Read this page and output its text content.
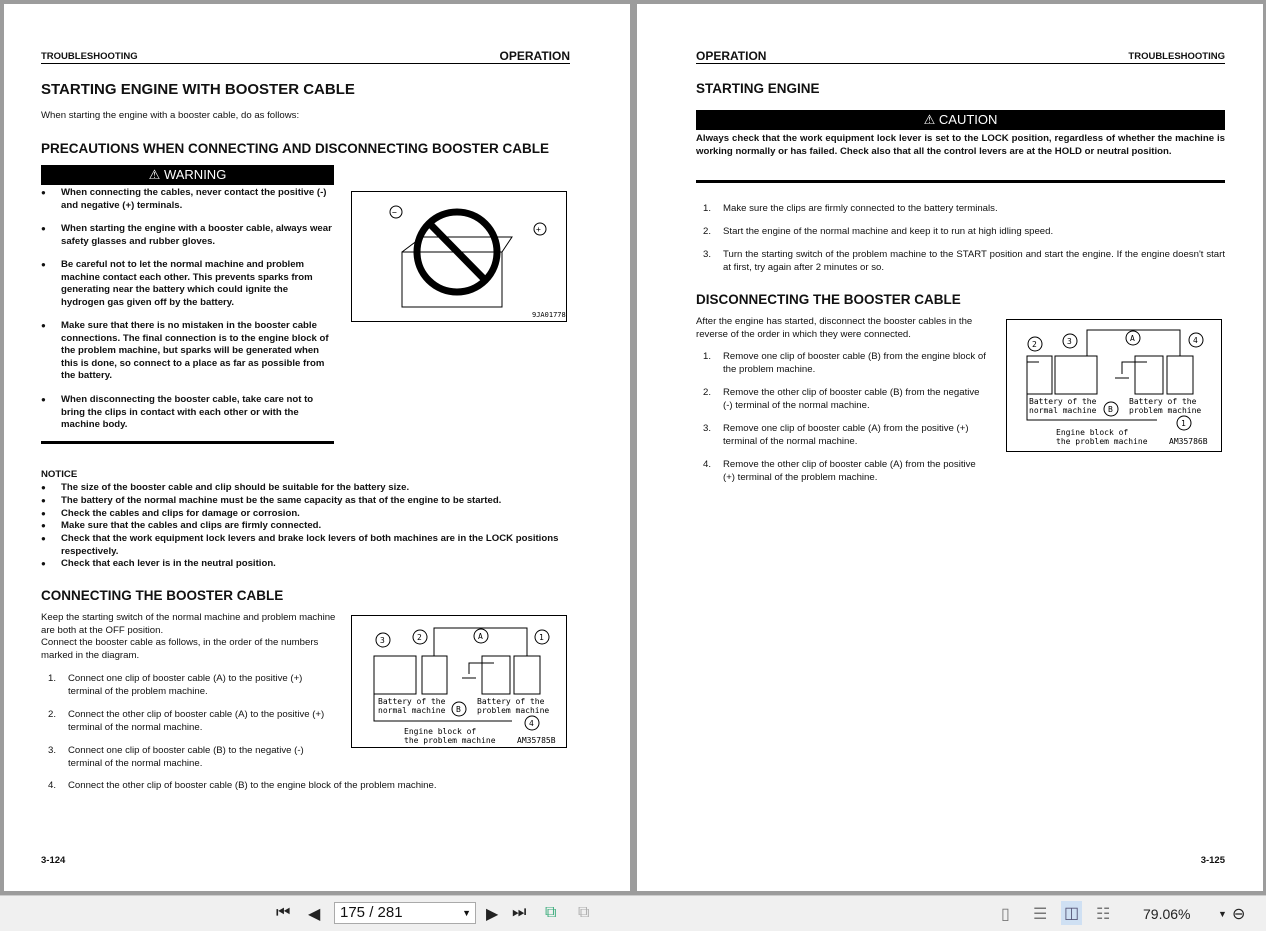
TROUBLESHOOTING	OPERATION
STARTING ENGINE WITH BOOSTER CABLE
When starting the engine with a booster cable, do as follows:
PRECAUTIONS WHEN CONNECTING AND DISCONNECTING BOOSTER CABLE
⚠ WARNING
● When connecting the cables, never contact the positive (-) and negative (+) terminals.
● When starting the engine with a booster cable, always wear safety glasses and rubber gloves.
● Be careful not to let the normal machine and problem machine contact each other. This prevents sparks from generating near the battery which could ignite the hydrogen gas given off by the battery.
● Make sure that there is no mistaken in the booster cable connections. The final connection is to the engine block of the problem machine, but sparks will be generated when this is done, so connect to a place as far as possible from the battery.
● When disconnecting the booster cable, take care not to bring the clips in contact with each other or with the machine body.
−
+
9JA01778
NOTICE
● The size of the booster cable and clip should be suitable for the battery size.
● The battery of the normal machine must be the same capacity as that of the engine to be started.
● Check the cables and clips for damage or corrosion.
● Make sure that the cables and clips are firmly connected.
● Check that the work equipment lock levers and brake lock levers of both machines are in the LOCK positions respectively.
● Check that each lever is in the neutral position.
CONNECTING THE BOOSTER CABLE
Keep the starting switch of the normal machine and problem machine are both at the OFF position.
Connect the booster cable as follows, in the order of the numbers marked in the diagram.
1. Connect one clip of booster cable (A) to the positive (+) terminal of the problem machine.
2. Connect the other clip of booster cable (A) to the positive (+) terminal of the normal machine.
3. Connect one clip of booster cable (B) to the negative (-) terminal of the normal machine.
4. Connect the other clip of booster cable (B) to the engine block of the problem machine.
3	2	A	1
B
4
Battery of the
normal machine
Battery of the
problem machine
Engine block of
the problem machine	AM35785B
3-124
OPERATION	TROUBLESHOOTING
STARTING ENGINE
⚠ CAUTION
Always check that the work equipment lock lever is set to the LOCK position, regardless of whether the machine is working normally or has failed. Check also that all the control levers are at the HOLD or neutral position.
1. Make sure the clips are firmly connected to the battery terminals.
2. Start the engine of the normal machine and keep it to run at high idling speed.
3. Turn the starting switch of the problem machine to the START position and start the engine. If the engine doesn't start at first, try again after 2 minutes or so.
DISCONNECTING THE BOOSTER CABLE
After the engine has started, disconnect the booster cables in the reverse of the order in which they were connected.
1. Remove one clip of booster cable (B) from the engine block of the problem machine.
2. Remove the other clip of booster cable (B) from the negative (-) terminal of the normal machine.
3. Remove one clip of booster cable (A) from the positive (+) terminal of the normal machine.
4. Remove the other clip of booster cable (A) from the positive (+) terminal of the problem machine.
2	3	A	4
B
1
Battery of the
normal machine
Battery of the
problem machine
Engine block of
the problem machine	AM35786B
3-125
⏮ ◀	175 / 281	▼ ▶ ⏭ ⧉ ⧉	▯ ☰ ◫ ☷ 79.06%	▼ ⊖
